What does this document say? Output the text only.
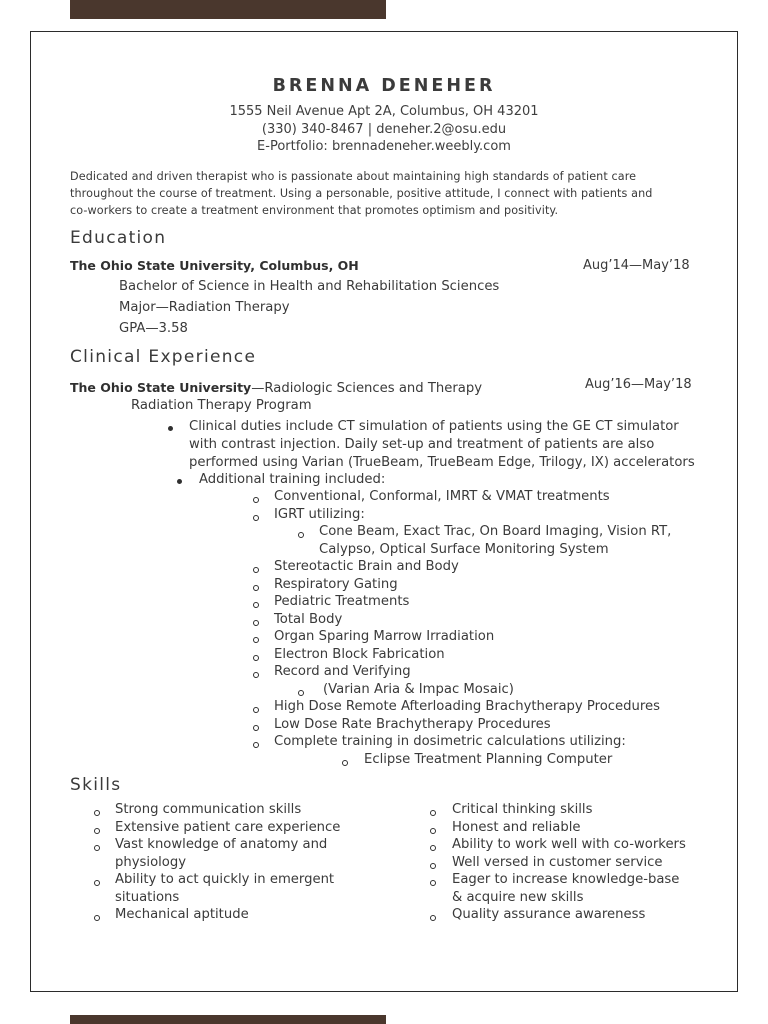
BRENNA DENEHER
1555 Neil Avenue Apt 2A, Columbus, OH 43201
(330) 340-8467 | deneher.2@osu.edu
E-Portfolio: brennadeneher.weebly.com
Dedicated and driven therapist who is passionate about maintaining high standards of patient care
throughout the course of treatment. Using a personable, positive attitude, I connect with patients and
co-workers to create a treatment environment that promotes optimism and positivity.
Education
The Ohio State University, Columbus, OH	Aug’14—May’18
Bachelor of Science in Health and Rehabilitation Sciences
Major—Radiation Therapy
GPA—3.58
Clinical Experience
The Ohio State University—Radiologic Sciences and Therapy	Aug’16—May’18
Radiation Therapy Program
Clinical duties include CT simulation of patients using the GE CT simulator
with contrast injection. Daily set-up and treatment of patients are also
performed using Varian (TrueBeam, TrueBeam Edge, Trilogy, IX) accelerators
Additional training included:
Conventional, Conformal, IMRT & VMAT treatments
IGRT utilizing:
Cone Beam, Exact Trac, On Board Imaging, Vision RT,
Calypso, Optical Surface Monitoring System
Stereotactic Brain and Body
Respiratory Gating
Pediatric Treatments
Total Body
Organ Sparing Marrow Irradiation
Electron Block Fabrication
Record and Verifying
(Varian Aria & Impac Mosaic)
High Dose Remote Afterloading Brachytherapy Procedures
Low Dose Rate Brachytherapy Procedures
Complete training in dosimetric calculations utilizing:
Eclipse Treatment Planning Computer
Skills
Strong communication skills
Extensive patient care experience
Vast knowledge of anatomy and
physiology
Ability to act quickly in emergent
situations
Mechanical aptitude
Critical thinking skills
Honest and reliable
Ability to work well with co-workers
Well versed in customer service
Eager to increase knowledge-base
& acquire new skills
Quality assurance awareness
